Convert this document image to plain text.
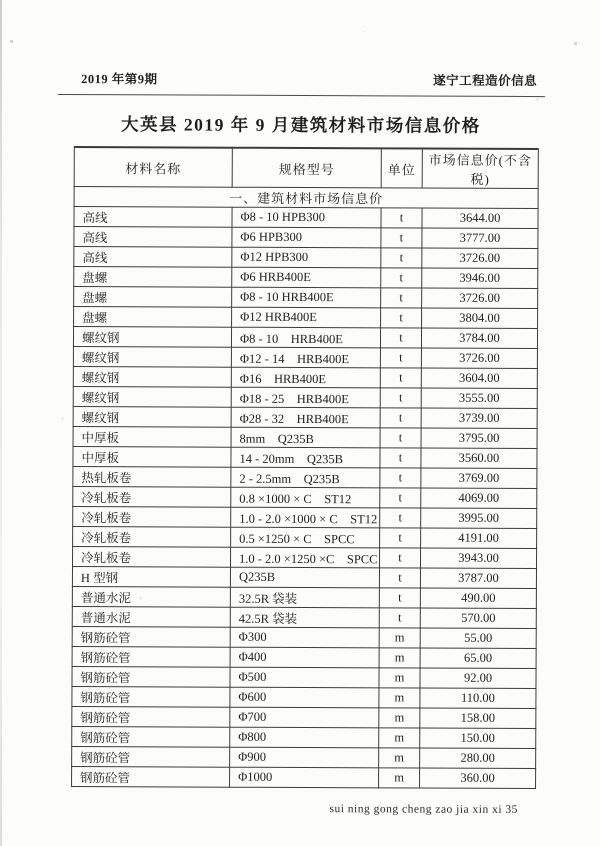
2019 年第9期	遂宁工程造价信息
大英县 2019 年 9 月建筑材料市场信息价格
材料名称	规格型号	单位	市场信息价(不含税)
一、建筑材料市场信息价			
高线	Φ8 - 10 HPB300	t	3644.00
高线	Φ6 HPB300	t	3777.00
高线	Φ12 HPB300	t	3726.00
盘螺	Φ6 HRB400E	t	3946.00
盘螺	Φ8 - 10 HRB400E	t	3726.00
盘螺	Φ12 HRB400E	t	3804.00
螺纹钢	Φ8 - 10　HRB400E	t	3784.00
螺纹钢	Φ12 - 14　HRB400E	t	3726.00
螺纹钢	Φ16　HRB400E	t	3604.00
螺纹钢	Φ18 - 25　HRB400E	t	3555.00
螺纹钢	Φ28 - 32　HRB400E	t	3739.00
中厚板	8mm　Q235B	t	3795.00
中厚板	14 - 20mm　Q235B	t	3560.00
热轧板卷	2 - 2.5mm　Q235B	t	3769.00
冷轧板卷	0.8 ×1000 × C　ST12	t	4069.00
冷轧板卷	1.0 - 2.0 ×1000 × C　ST12	t	3995.00
冷轧板卷	0.5 ×1250 × C　SPCC	t	4191.00
冷轧板卷	1.0 - 2.0 ×1250 ×C　SPCC	t	3943.00
H 型钢	Q235B	t	3787.00
普通水泥	32.5R 袋装	t	490.00
普通水泥	42.5R 袋装	t	570.00
钢筋砼管	Φ300	m	55.00
钢筋砼管	Φ400	m	65.00
钢筋砼管	Φ500	m	92.00
钢筋砼管	Φ600	m	110.00
钢筋砼管	Φ700	m	158.00
钢筋砼管	Φ800	m	150.00
钢筋砼管	Φ900	m	280.00
钢筋砼管	Φ1000	m	360.00
sui ning gong cheng zao jia xin xi 35
